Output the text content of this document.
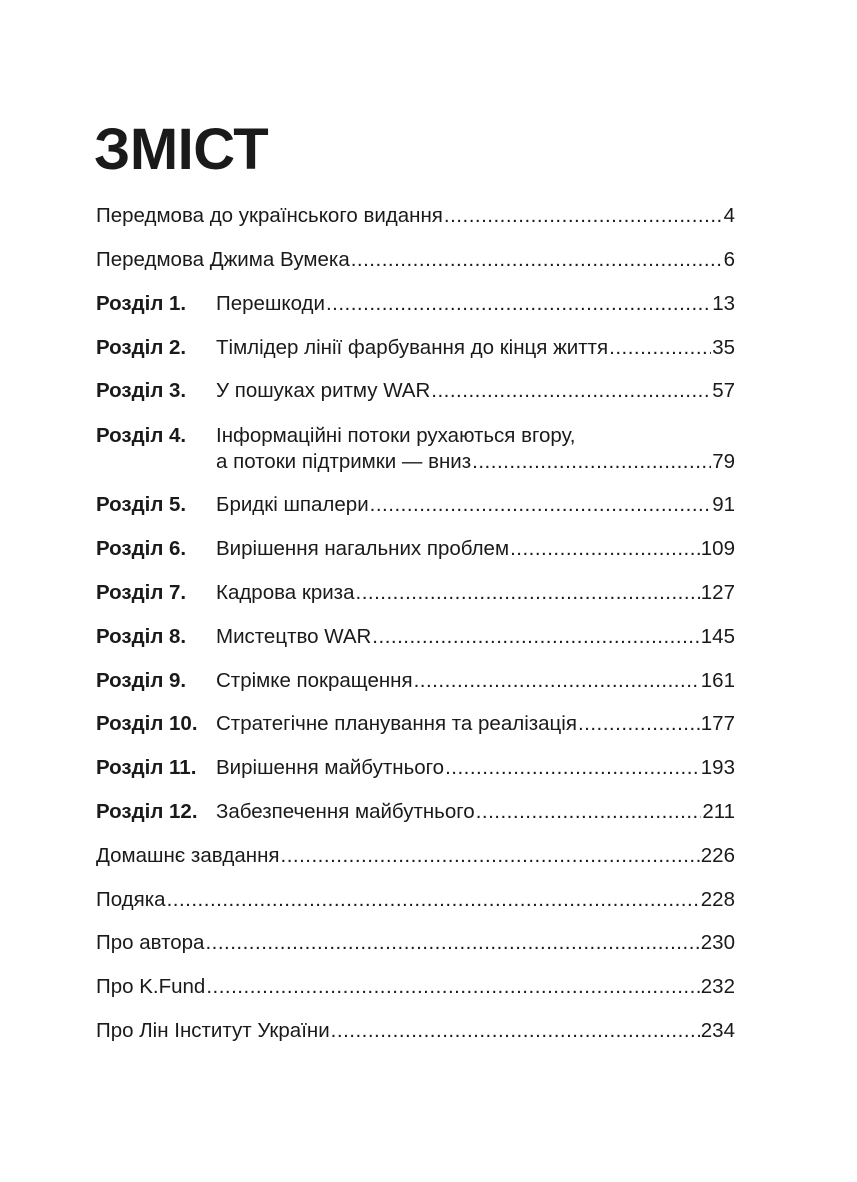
ЗМІСТ
Передмова до українського видання .....	4
Передмова Джима Вумека .....	6
Розділ 1.	Перешкоди .....	13
Розділ 2.	Тімлідер лінії фарбування до кінця життя .....	35
Розділ 3.	У пошуках ритму WAR .....	57
Розділ 4.	Інформаційні потоки рухаються вгору,
а потоки підтримки — вниз .....	79
Розділ 5.	Бридкі шпалери .....	91
Розділ 6.	Вирішення нагальних проблем .....	109
Розділ 7.	Кадрова криза .....	127
Розділ 8.	Мистецтво WAR .....	145
Розділ 9.	Стрімке покращення .....	161
Розділ 10. Стратегічне планування та реалізація .....	177
Розділ 11. Вирішення майбутнього .....	193
Розділ 12. Забезпечення майбутнього .....	211
Домашнє завдання .....	226
Подяка .....	228
Про автора .....	230
Про K.Fund .....	232
Про Лін Інститут України .....	234
